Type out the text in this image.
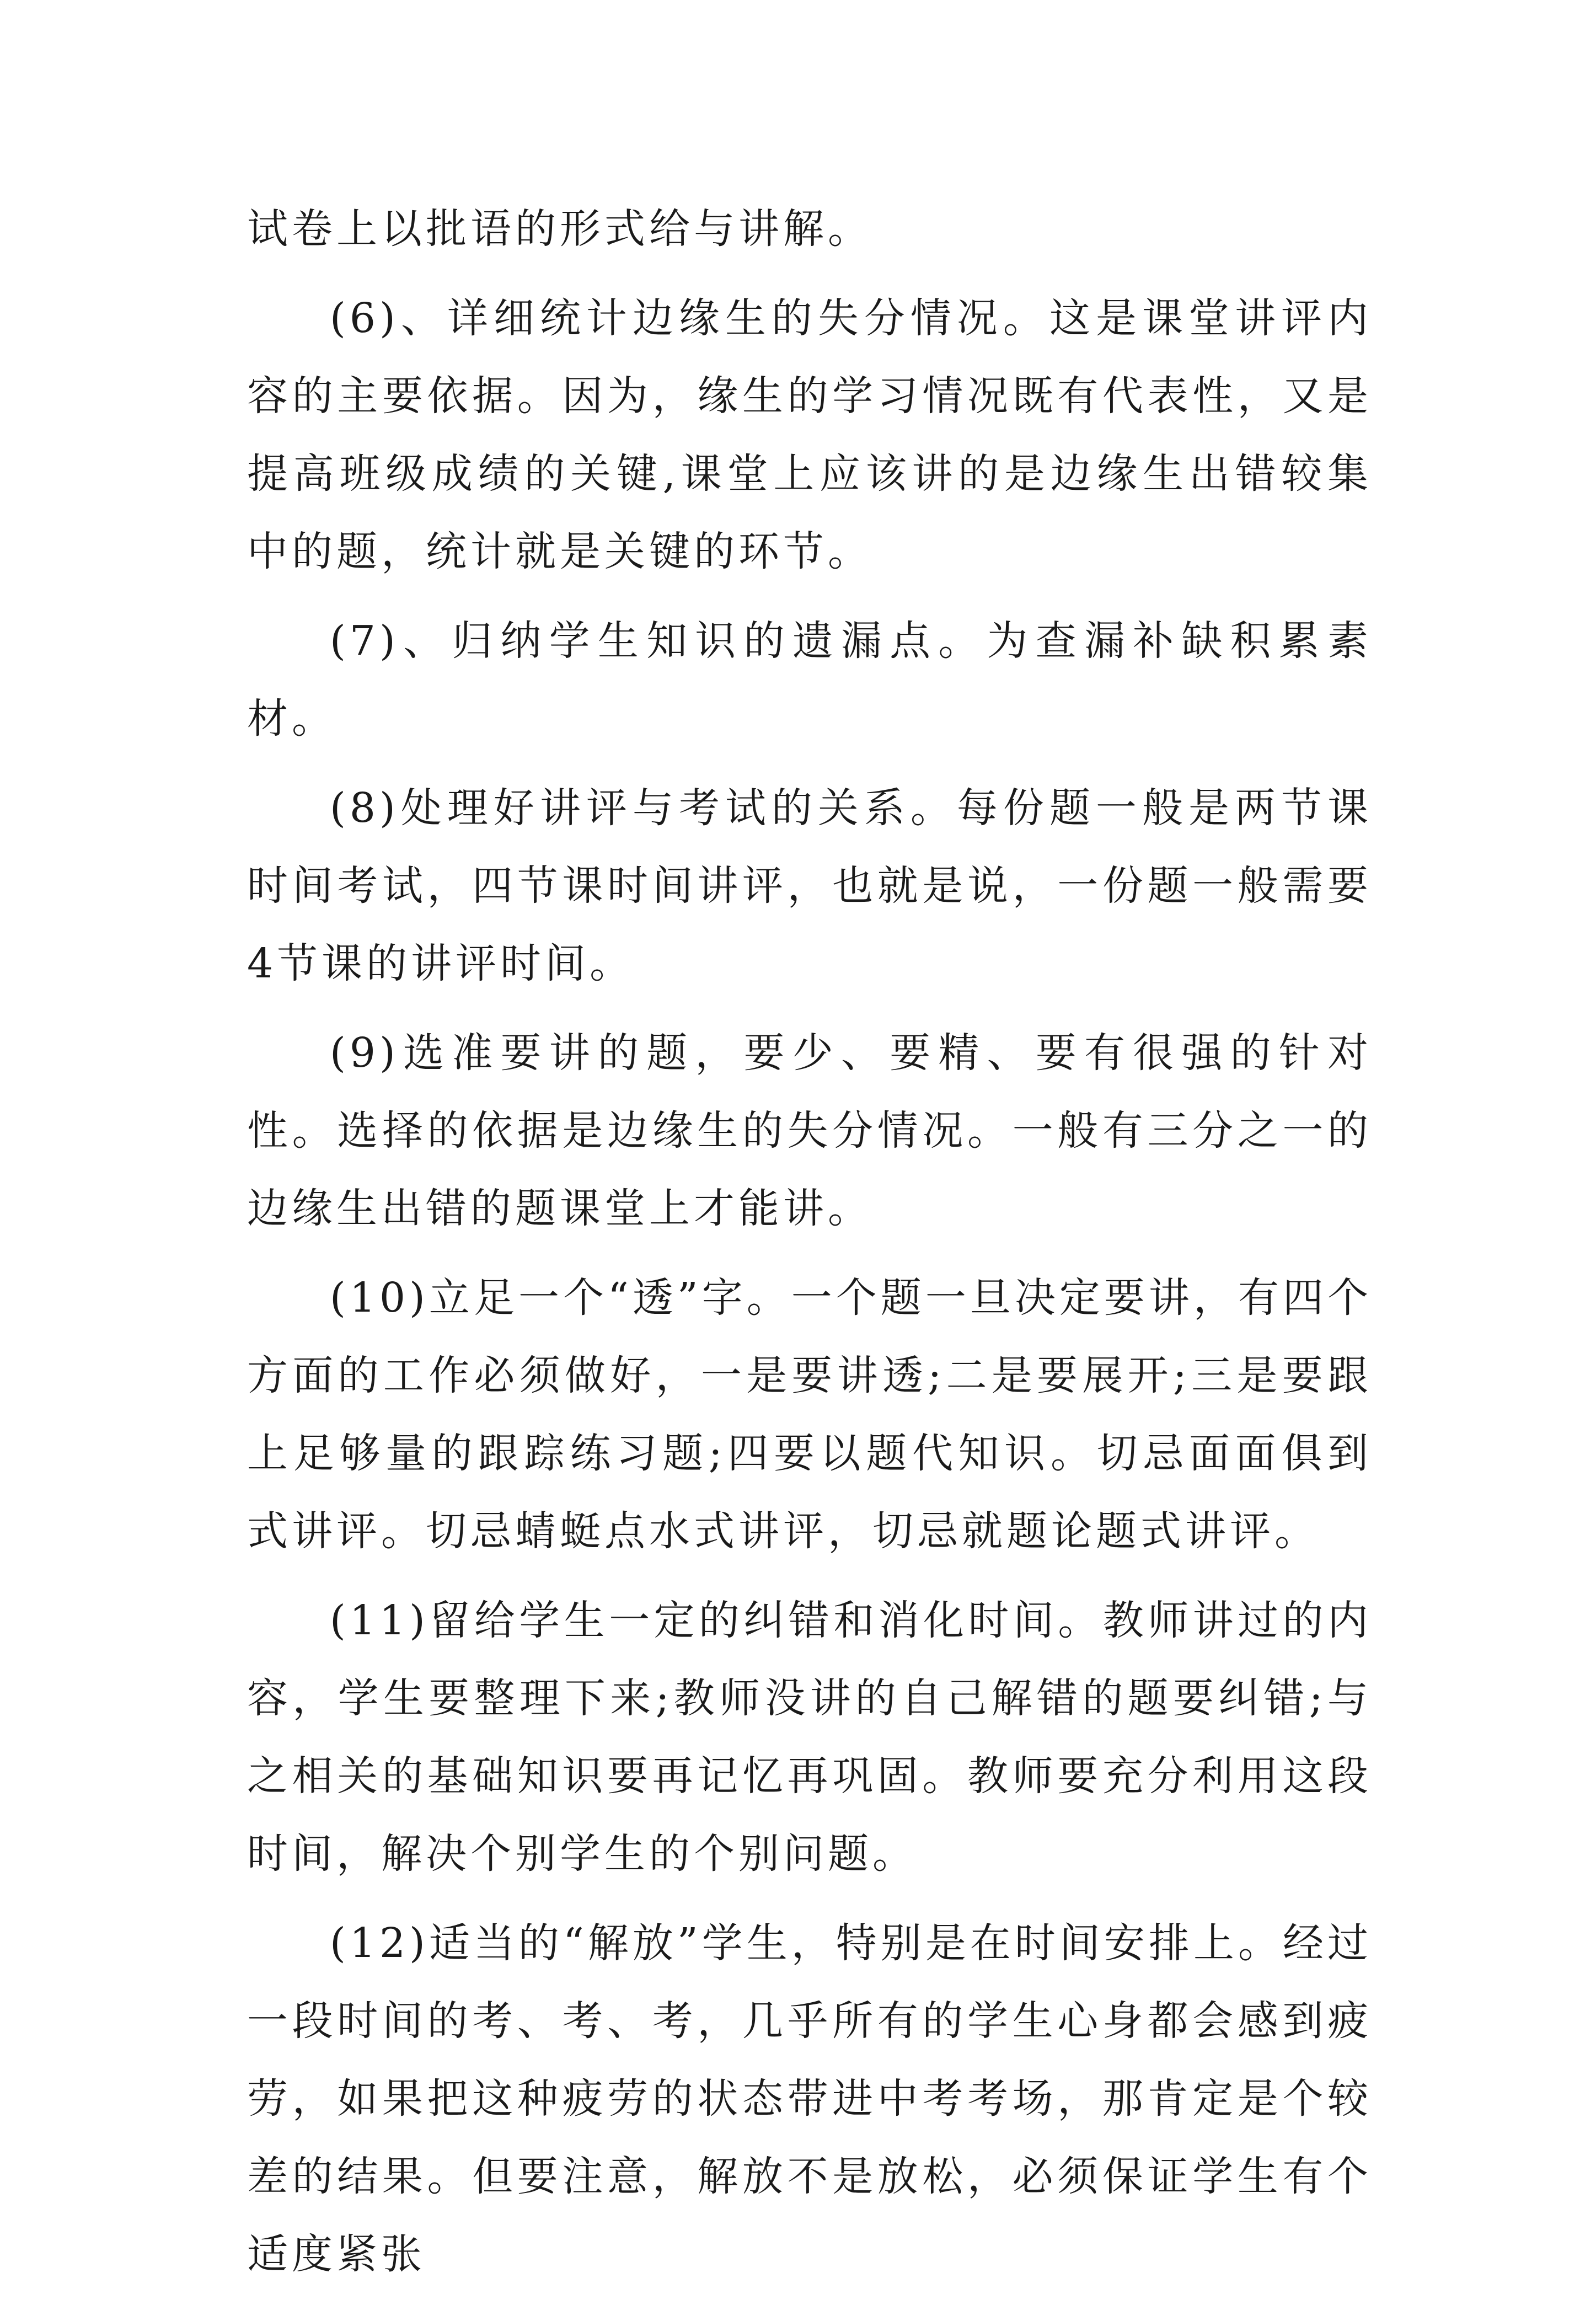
试卷上以批语的形式给与讲解。

(6)、详细统计边缘生的失分情况。这是课堂讲评内容的主要依据。因为，缘生的学习情况既有代表性，又是提高班级成绩的关键,课堂上应该讲的是边缘生出错较集中的题，统计就是关键的环节。

(7)、归纳学生知识的遗漏点。为查漏补缺积累素材。

(8)处理好讲评与考试的关系。每份题一般是两节课时间考试，四节课时间讲评，也就是说，一份题一般需要4节课的讲评时间。

(9)选准要讲的题，要少、要精、要有很强的针对性。选择的依据是边缘生的失分情况。一般有三分之一的边缘生出错的题课堂上才能讲。

(10)立足一个“透”字。一个题一旦决定要讲，有四个方面的工作必须做好，一是要讲透;二是要展开;三是要跟上足够量的跟踪练习题;四要以题代知识。切忌面面俱到式讲评。切忌蜻蜓点水式讲评，切忌就题论题式讲评。

(11)留给学生一定的纠错和消化时间。教师讲过的内容，学生要整理下来;教师没讲的自己解错的题要纠错;与之相关的基础知识要再记忆再巩固。教师要充分利用这段时间，解决个别学生的个别问题。

(12)适当的“解放”学生，特别是在时间安排上。经过一段时间的考、考、考，几乎所有的学生心身都会感到疲劳，如果把这种疲劳的状态带进中考考场，那肯定是个较差的结果。但要注意，解放不是放松，必须保证学生有个适度紧张
